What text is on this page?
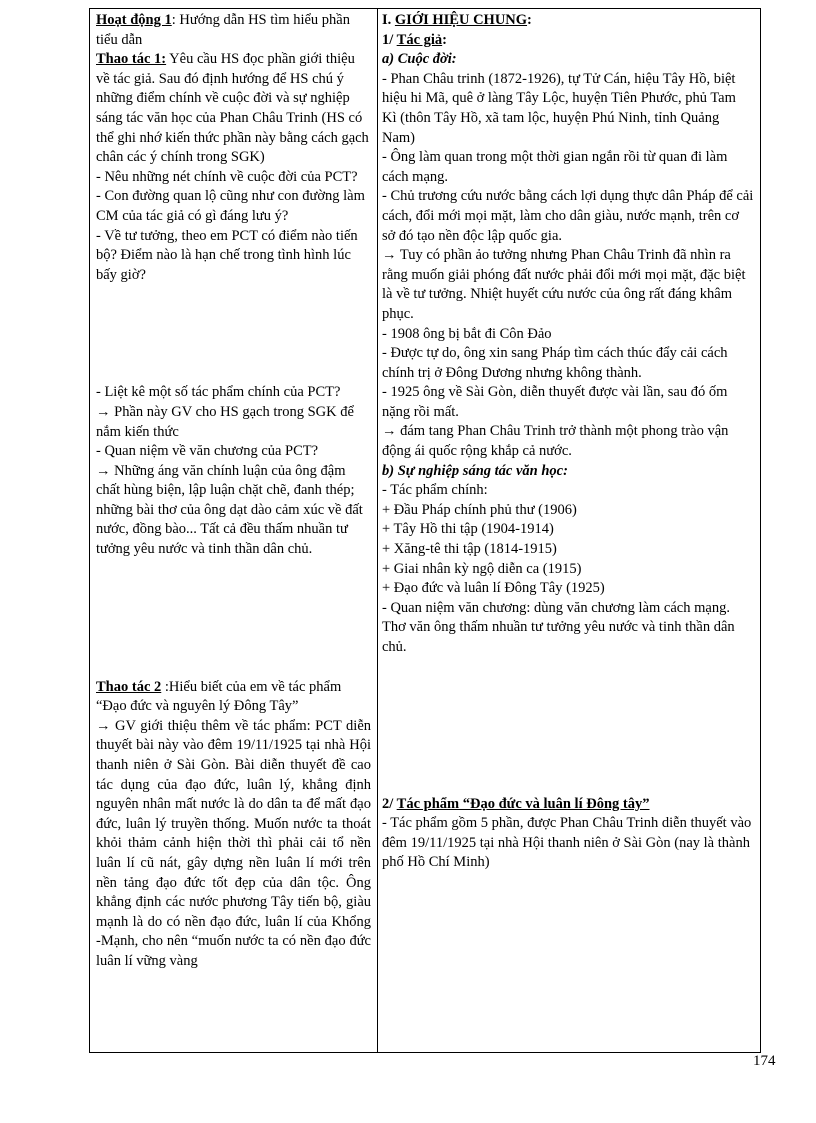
Hoạt động 1: Hướng dẫn HS tìm hiểu phần tiểu dẫn

Thao tác 1: Yêu cầu HS đọc phần giới thiệu về tác giả. Sau đó định hướng để HS chú ý những điểm chính về cuộc đời và sự nghiệp sáng tác văn học của Phan Châu Trinh (HS có thể ghi nhớ kiến thức phần này bằng cách gạch chân các ý chính trong SGK)

- Nêu những nét chính về cuộc đời của PCT?

- Con đường quan lộ cũng như con đường làm CM của tác giả có gì đáng lưu ý?

- Về tư tưởng, theo em PCT có điểm nào tiến bộ? Điểm nào là hạn chế trong tình hình lúc bấy giờ?

- Liệt kê một số tác phẩm chính của PCT?

→ Phần này GV cho HS gạch trong SGK để nắm kiến thức

- Quan niệm về văn chương của PCT?

→ Những áng văn chính luận của ông đậm chất hùng biện, lập luận chặt chẽ, đanh thép; những bài thơ của ông dạt dào cảm xúc về đất nước, đồng bào... Tất cả đều thấm nhuần tư tưởng yêu nước và tinh thần dân chủ.

Thao tác 2 :Hiểu biết của em về tác phẩm “Đạo đức và nguyên lý Đông Tây”

→ GV giới thiệu thêm về tác phẩm: PCT diễn thuyết bài này vào đêm 19/11/1925 tại nhà Hội thanh niên ở Sài Gòn. Bài diễn thuyết đề cao tác dụng của đạo đức, luân lý, khẳng định nguyên nhân mất nước là do dân ta để mất đạo đức, luân lý truyền thống. Muốn nước ta thoát khỏi thảm cảnh hiện thời thì phải cải tổ nền luân lí cũ nát, gây dựng nền luân lí mới trên nền tảng đạo đức tốt đẹp của dân tộc. Ông khẳng định các nước phương Tây tiến bộ, giàu mạnh là do có nền đạo đức, luân lí của Khổng -Mạnh, cho nên “muốn nước ta có nền đạo đức luân lí vững vàng

I. GIỚI HIỆU CHUNG:

1/ Tác giả:

a) Cuộc đời:

- Phan Châu trinh (1872-1926), tự Tử Cán, hiệu Tây Hồ, biệt hiệu hi Mã, quê ở làng Tây Lộc, huyện Tiên Phước, phủ Tam Kì (thôn Tây Hồ, xã tam lộc, huyện Phú Ninh, tỉnh Quảng Nam)

- Ông làm quan trong một thời gian ngắn rồi từ quan đi làm cách mạng.

- Chủ trương cứu nước bằng cách lợi dụng thực dân Pháp để cải cách, đổi mới mọi mặt, làm cho dân giàu, nước mạnh, trên cơ sở đó tạo nền độc lập quốc gia.

→ Tuy có phần ảo tưởng nhưng Phan Châu Trinh đã nhìn ra rằng muốn giải phóng đất nước phải đổi mới mọi mặt, đặc biệt là về tư tưởng. Nhiệt huyết cứu nước của ông rất đáng khâm phục.

- 1908 ông bị bắt đi Côn Đảo

- Được tự do, ông xin sang Pháp tìm cách thúc đẩy cải cách chính trị ở Đông Dương nhưng không thành.

- 1925 ông về Sài Gòn, diễn thuyết được vài lần, sau đó ốm nặng rồi mất.

→ đám tang Phan Châu Trinh trở thành một phong trào vận động ái quốc rộng khắp cả nước.

b) Sự nghiệp sáng tác văn học:

- Tác phẩm chính:

+ Đầu Pháp chính phủ thư (1906)

+ Tây Hồ thi tập (1904-1914)

+ Xăng-tê thi tập (1814-1915)

+ Giai nhân kỳ ngộ diễn ca (1915)

+ Đạo đức và luân lí Đông Tây (1925)

- Quan niệm văn chương: dùng văn chương làm cách mạng. Thơ văn ông thấm nhuần tư tưởng yêu nước và tinh thần dân chủ.

2/ Tác phẩm “Đạo đức và luân lí Đông tây”

- Tác phẩm gồm 5 phần, được Phan Châu Trinh diễn thuyết vào đêm 19/11/1925 tại nhà Hội thanh niên ở Sài Gòn (nay là thành phố Hồ Chí Minh)

174
